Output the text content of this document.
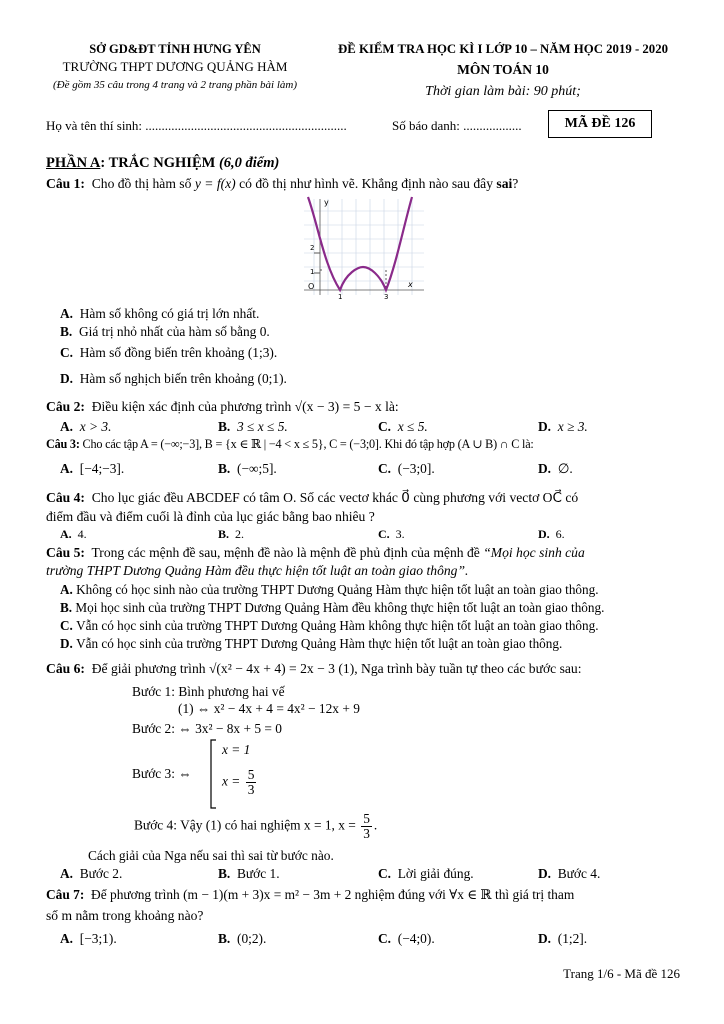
SỞ GD&ĐT TỈNH HƯNG YÊN
TRƯỜNG THPT DƯƠNG QUẢNG HÀM
(Đề gồm 35 câu trong 4 trang và 2 trang phần bài làm)
ĐỀ KIỂM TRA HỌC KÌ I LỚP 10 – NĂM HỌC 2019 - 2020
MÔN TOÁN 10
Thời gian làm bài: 90 phút;
Họ và tên thí sinh: ..............................................................	Số báo danh: ..................	MÃ ĐỀ 126
PHẦN A: TRẮC NGHIỆM (6,0 điểm)
Câu 1: Cho đồ thị hàm số y = f(x) có đồ thị như hình vẽ. Khẳng định nào sau đây sai?
y
x
O
2
1
1	3
A. Hàm số không có giá trị lớn nhất.
B. Giá trị nhỏ nhất của hàm số bằng 0.
C. Hàm số đồng biến trên khoảng (1;3).
D. Hàm số nghịch biến trên khoảng (0;1).
Câu 2: Điều kiện xác định của phương trình √(x − 3) = 5 − x là:
A. x > 3.	B. 3 ≤ x ≤ 5.	C. x ≤ 5.	D. x ≥ 3.
Câu 3: Cho các tập A = (−∞;−3], B = {x ∈ ℝ | −4 < x ≤ 5}, C = (−3;0]. Khi đó tập hợp (A ∪ B) ∩ C là:
A. [−4;−3].	B. (−∞;5].	C. (−3;0].	D. ∅.
Câu 4: Cho lục giác đều ABCDEF có tâm O. Số các vectơ khác 0⃗ cùng phương với vectơ OC⃗ có
điểm đầu và điểm cuối là đỉnh của lục giác bằng bao nhiêu ?
A. 4.	B. 2.	C. 3.	D. 6.
Câu 5: Trong các mệnh đề sau, mệnh đề nào là mệnh đề phủ định của mệnh đề “Mọi học sinh của
trường THPT Dương Quảng Hàm đều thực hiện tốt luật an toàn giao thông”.
A. Không có học sinh nào của trường THPT Dương Quảng Hàm thực hiện tốt luật an toàn giao thông.
B. Mọi học sinh của trường THPT Dương Quảng Hàm đều không thực hiện tốt luật an toàn giao thông.
C. Vẫn có học sinh của trường THPT Dương Quảng Hàm không thực hiện tốt luật an toàn giao thông.
D. Vẫn có học sinh của trường THPT Dương Quảng Hàm thực hiện tốt luật an toàn giao thông.
Câu 6: Để giải phương trình √(x² − 4x + 4) = 2x − 3 (1), Nga trình bày tuần tự theo các bước sau:
Bước 1: Bình phương hai vế
(1) ⇔ x² − 4x + 4 = 4x² − 12x + 9
Bước 2: ⇔ 3x² − 8x + 5 = 0
Bước 3: ⇔
x = 1
$x = \frac{5}{3}$
Bước 4: Vậy (1) có hai nghiệm x = 1, $x = \frac{5}{3}$ .
Cách giải của Nga nếu sai thì sai từ bước nào.
A. Bước 2.	B. Bước 1.	C. Lời giải đúng.	D. Bước 4.
Câu 7: Để phương trình (m − 1)(m + 3)x = m² − 3m + 2 nghiệm đúng với ∀x ∈ ℝ thì giá trị tham
số m nằm trong khoảng nào?
A. [−3;1).	B. (0;2).	C. (−4;0).	D. (1;2].
Trang 1/6 - Mã đề 126
